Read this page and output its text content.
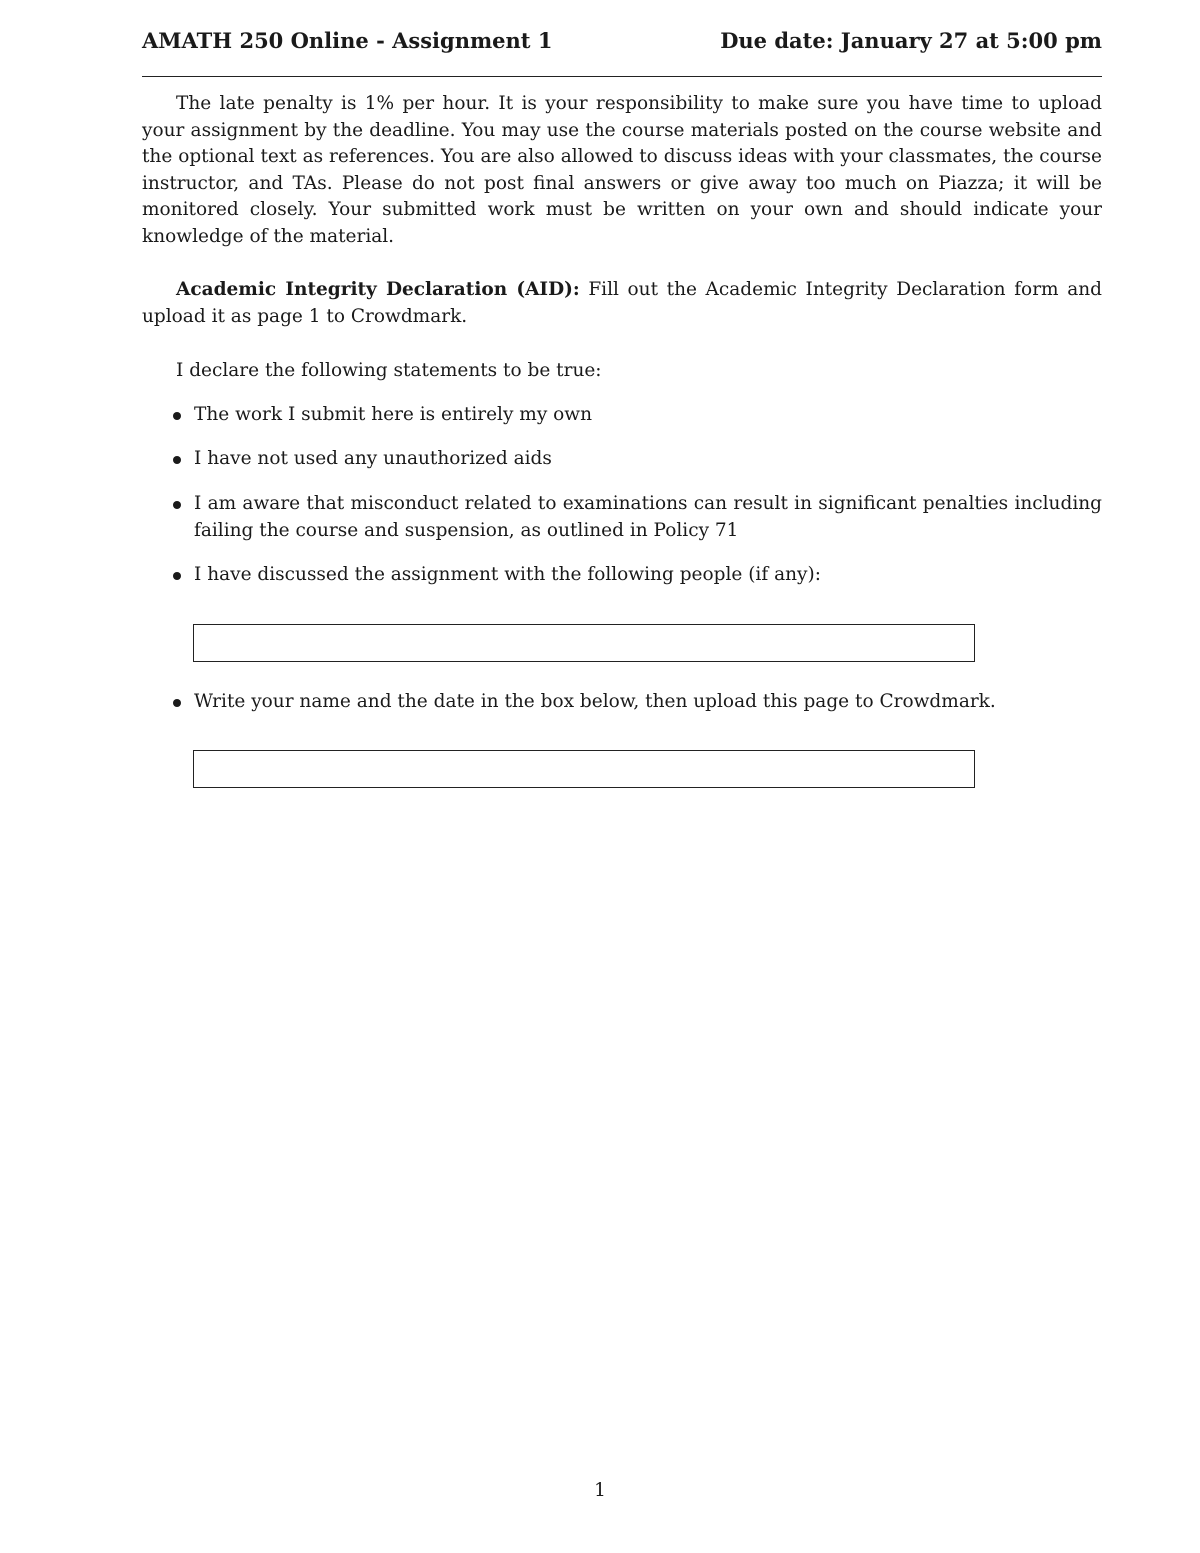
AMATH 250 Online - Assignment 1	Due date: January 27 at 5:00 pm

The late penalty is 1% per hour. It is your responsibility to make sure you have time to upload your assignment by the deadline. You may use the course materials posted on the course website and the optional text as references. You are also allowed to discuss ideas with your classmates, the course instructor, and TAs. Please do not post final answers or give away too much on Piazza; it will be monitored closely. Your submitted work must be written on your own and should indicate your knowledge of the material.

Academic Integrity Declaration (AID): Fill out the Academic Integrity Declaration form and upload it as page 1 to Crowdmark.

I declare the following statements to be true:

The work I submit here is entirely my own
I have not used any unauthorized aids
I am aware that misconduct related to examinations can result in significant penalties including failing the course and suspension, as outlined in Policy 71
I have discussed the assignment with the following people (if any):
Write your name and the date in the box below, then upload this page to Crowdmark.
1
